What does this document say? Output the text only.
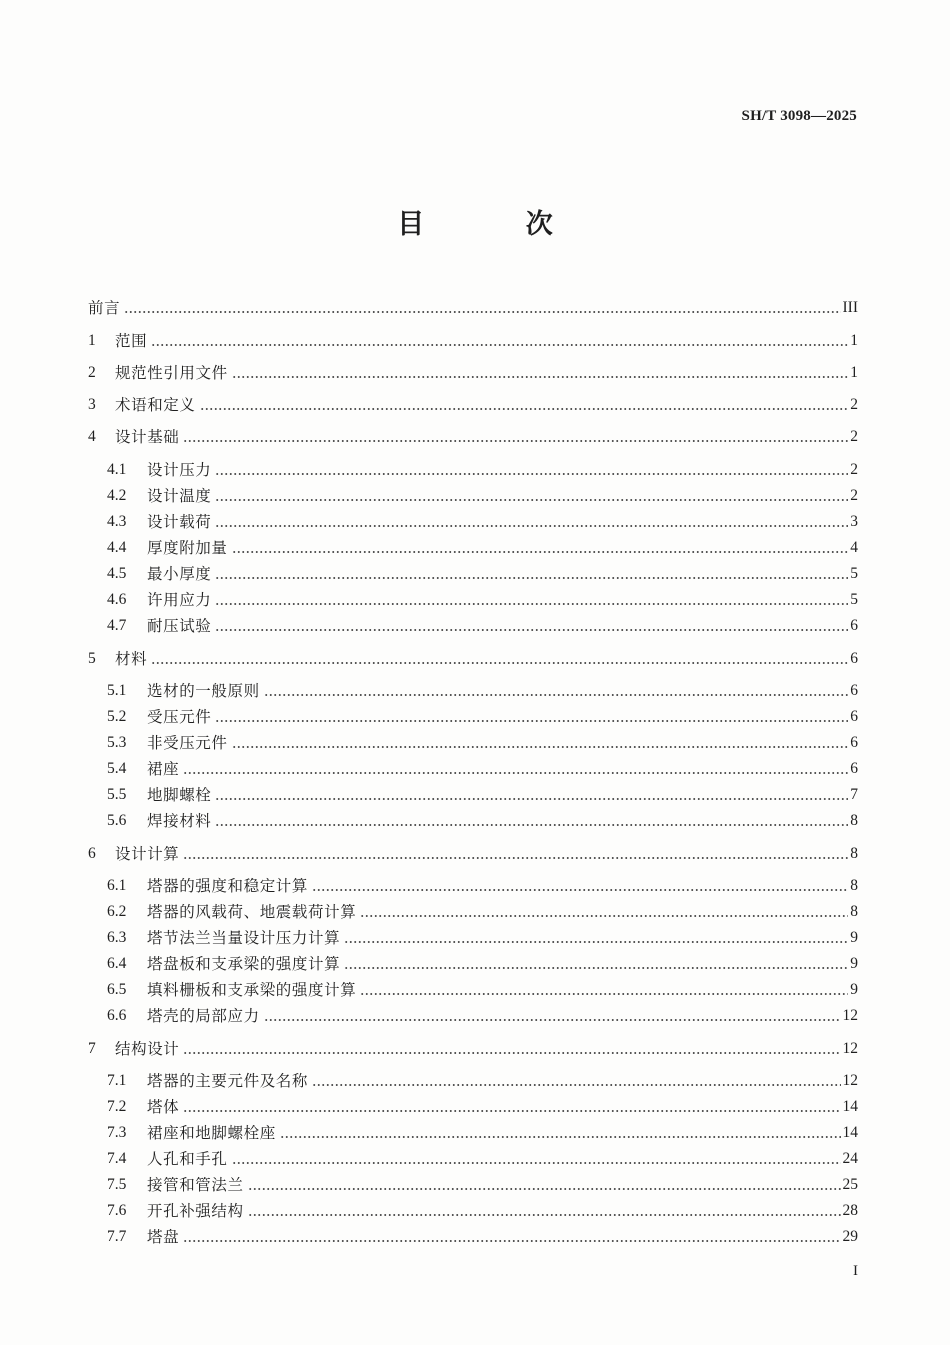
SH/T 3098—2025
目 次
前言	III
1	范围	1
2	规范性引用文件	1
3	术语和定义	2
4	设计基础	2
4.1	设计压力	2
4.2	设计温度	2
4.3	设计载荷	3
4.4	厚度附加量	4
4.5	最小厚度	5
4.6	许用应力	5
4.7	耐压试验	6
5	材料	6
5.1	选材的一般原则	6
5.2	受压元件	6
5.3	非受压元件	6
5.4	裙座	6
5.5	地脚螺栓	7
5.6	焊接材料	8
6	设计计算	8
6.1	塔器的强度和稳定计算	8
6.2	塔器的风载荷、地震载荷计算	8
6.3	塔节法兰当量设计压力计算	9
6.4	塔盘板和支承梁的强度计算	9
6.5	填料栅板和支承梁的强度计算	9
6.6	塔壳的局部应力	12
7	结构设计	12
7.1	塔器的主要元件及名称	12
7.2	塔体	14
7.3	裙座和地脚螺栓座	14
7.4	人孔和手孔	24
7.5	接管和管法兰	25
7.6	开孔补强结构	28
7.7	塔盘	29
I
